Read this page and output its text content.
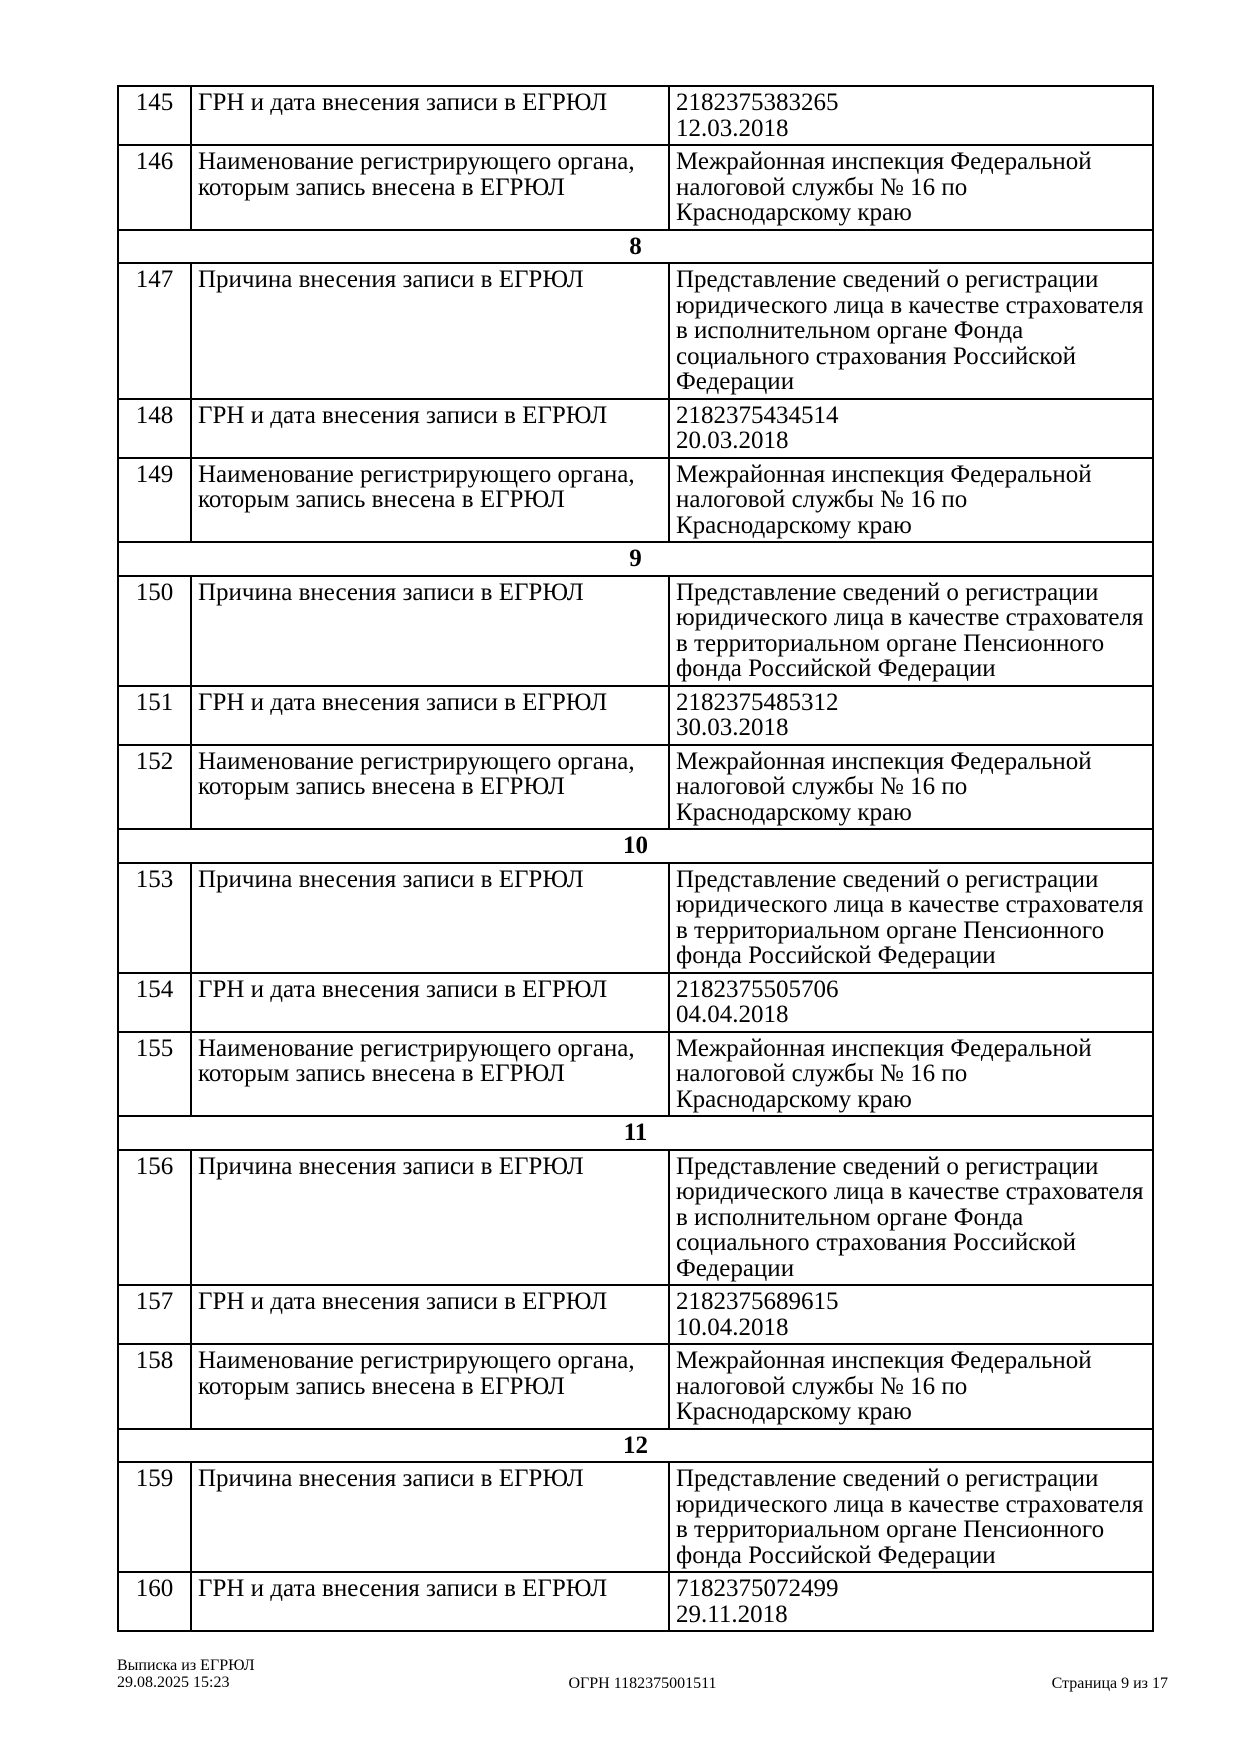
145	ГРН и дата внесения записи в ЕГРЮЛ	2182375383265
12.03.2018

146	Наименование регистрирующего органа, которым запись внесена в ЕГРЮЛ	Межрайонная инспекция Федеральной налоговой службы № 16 по Краснодарскому краю

8		
147	Причина внесения записи в ЕГРЮЛ	Представление сведений о регистрации юридического лица в качестве страхователя в исполнительном органе Фонда социального страхования Российской Федерации

148	ГРН и дата внесения записи в ЕГРЮЛ	2182375434514
20.03.2018

149	Наименование регистрирующего органа, которым запись внесена в ЕГРЮЛ	Межрайонная инспекция Федеральной налоговой службы № 16 по Краснодарскому краю

9		
150	Причина внесения записи в ЕГРЮЛ	Представление сведений о регистрации юридического лица в качестве страхователя в территориальном органе Пенсионного фонда Российской Федерации

151	ГРН и дата внесения записи в ЕГРЮЛ	2182375485312
30.03.2018

152	Наименование регистрирующего органа, которым запись внесена в ЕГРЮЛ	Межрайонная инспекция Федеральной налоговой службы № 16 по Краснодарскому краю

10		
153	Причина внесения записи в ЕГРЮЛ	Представление сведений о регистрации юридического лица в качестве страхователя в территориальном органе Пенсионного фонда Российской Федерации

154	ГРН и дата внесения записи в ЕГРЮЛ	2182375505706
04.04.2018

155	Наименование регистрирующего органа, которым запись внесена в ЕГРЮЛ	Межрайонная инспекция Федеральной налоговой службы № 16 по Краснодарскому краю

11		
156	Причина внесения записи в ЕГРЮЛ	Представление сведений о регистрации юридического лица в качестве страхователя в исполнительном органе Фонда социального страхования Российской Федерации

157	ГРН и дата внесения записи в ЕГРЮЛ	2182375689615
10.04.2018

158	Наименование регистрирующего органа, которым запись внесена в ЕГРЮЛ	Межрайонная инспекция Федеральной налоговой службы № 16 по Краснодарскому краю

12		
159	Причина внесения записи в ЕГРЮЛ	Представление сведений о регистрации юридического лица в качестве страхователя в территориальном органе Пенсионного фонда Российской Федерации

160	ГРН и дата внесения записи в ЕГРЮЛ	7182375072499
29.11.2018
Выписка из ЕГРЮЛ
29.08.2025 15:23	ОГРН 1182375001511	Страница 9 из 17
